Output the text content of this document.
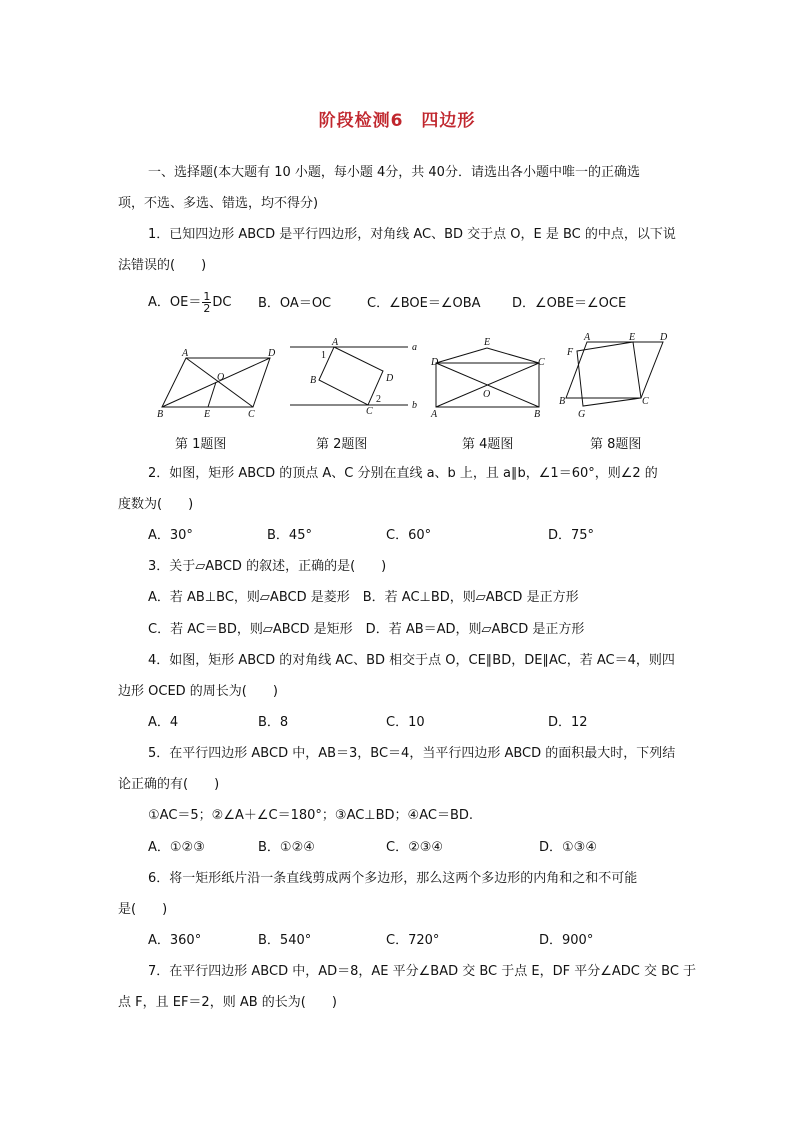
阶段检测6　四边形
一、选择题(本大题有 10 小题，每小题 4分，共 40分．请选出各小题中唯一的正确选
项，不选、多选、错选，均不得分)
1．已知四边形 ABCD 是平行四边形，对角线 AC、BD 交于点 O，E 是 BC 的中点，以下说
法错误的(　　)
A．$OE= \frac{1}{2}$ DC B．OA＝OC	C．∠BOE＝∠OBA D．∠OBE＝∠OCE
A	D
O
B	E	C
第 1题图
A	a
1
B	D
2
C
b
第 2题图
E
D	C
O
A	B
第 4题图
A	E D
F
B	C
G
第 8题图
2．如图，矩形 ABCD 的顶点 A、C 分别在直线 a、b 上，且 a∥b，∠1＝60°，则∠2 的
度数为(　　)
A．30°	B．45°	C．60°	D．75°
3．关于▱ABCD 的叙述，正确的是(　　)
A．若 AB⊥BC，则▱ABCD 是菱形　B．若 AC⊥BD，则▱ABCD 是正方形
C．若 AC＝BD，则▱ABCD 是矩形　D．若 AB＝AD，则▱ABCD 是正方形
4．如图，矩形 ABCD 的对角线 AC、BD 相交于点 O，CE∥BD，DE∥AC，若 AC＝4，则四
边形 OCED 的周长为(　　)
A．4	B．8	C．10	D．12
5．在平行四边形 ABCD 中，AB＝3，BC＝4，当平行四边形 ABCD 的面积最大时，下列结
论正确的有(　　)
①AC＝5；②∠A＋∠C＝180°；③AC⊥BD；④AC＝BD.
A．①②③	B．①②④	C．②③④	D．①③④
6．将一矩形纸片沿一条直线剪成两个多边形，那么这两个多边形的内角和之和不可能
是(　　)
A．360°	B．540°	C．720°	D．900°
7．在平行四边形 ABCD 中，AD＝8，AE 平分∠BAD 交 BC 于点 E，DF 平分∠ADC 交 BC 于
点 F，且 EF＝2，则 AB 的长为(　　)
